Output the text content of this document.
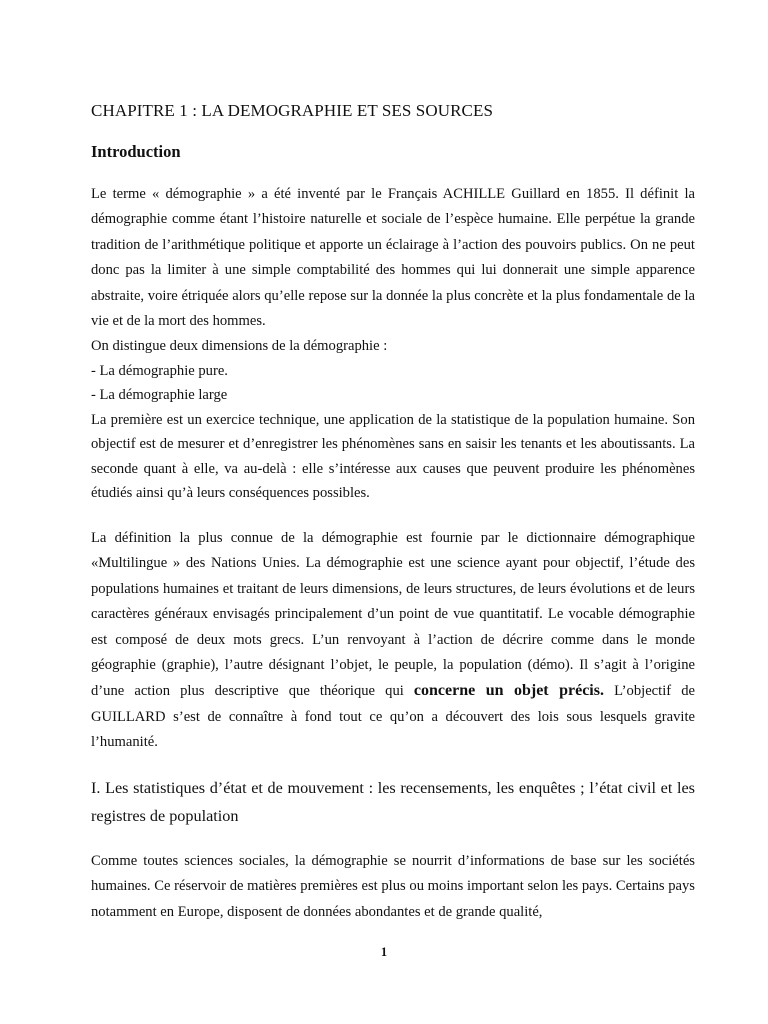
CHAPITRE 1 : LA DEMOGRAPHIE ET SES SOURCES
Introduction

Le terme « démographie » a été inventé par le Français ACHILLE Guillard en 1855. Il définit la démographie comme étant l’histoire naturelle et sociale de l’espèce humaine. Elle perpétue la grande tradition de l’arithmétique politique et apporte un éclairage à l’action des pouvoirs publics. On ne peut donc pas la limiter à une simple comptabilité des hommes qui lui donnerait une simple apparence abstraite, voire étriquée alors qu’elle repose sur la donnée la plus concrète et la plus fondamentale de la vie et de la mort des hommes.

On distingue deux dimensions de la démographie :

- La démographie pure.

- La démographie large

La première est un exercice technique, une application de la statistique de la population humaine. Son objectif est de mesurer et d’enregistrer les phénomènes sans en saisir les tenants et les aboutissants. La seconde quant à elle, va au-delà : elle s’intéresse aux causes que peuvent produire les phénomènes étudiés ainsi qu’à leurs conséquences possibles.

La définition la plus connue de la démographie est fournie par le dictionnaire démographique «Multilingue » des Nations Unies. La démographie est une science ayant pour objectif, l’étude des populations humaines et traitant de leurs dimensions, de leurs structures, de leurs évolutions et de leurs caractères généraux envisagés principalement d’un point de vue quantitatif. Le vocable démographie est composé de deux mots grecs. L’un renvoyant à l’action de décrire comme dans le monde géographie (graphie), l’autre désignant l’objet, le peuple, la population (démo). Il s’agit à l’origine d’une action plus descriptive que théorique qui concerne un objet précis. L’objectif de GUILLARD s’est de connaître à fond tout ce qu’on a découvert des lois sous lesquels gravite l’humanité.

I. Les statistiques d’état et de mouvement : les recensements, les enquêtes ; l’état civil et les registres de population

Comme toutes sciences sociales, la démographie se nourrit d’informations de base sur les sociétés humaines. Ce réservoir de matières premières est plus ou moins important selon les pays. Certains pays notamment en Europe, disposent de données abondantes et de grande qualité,

1
